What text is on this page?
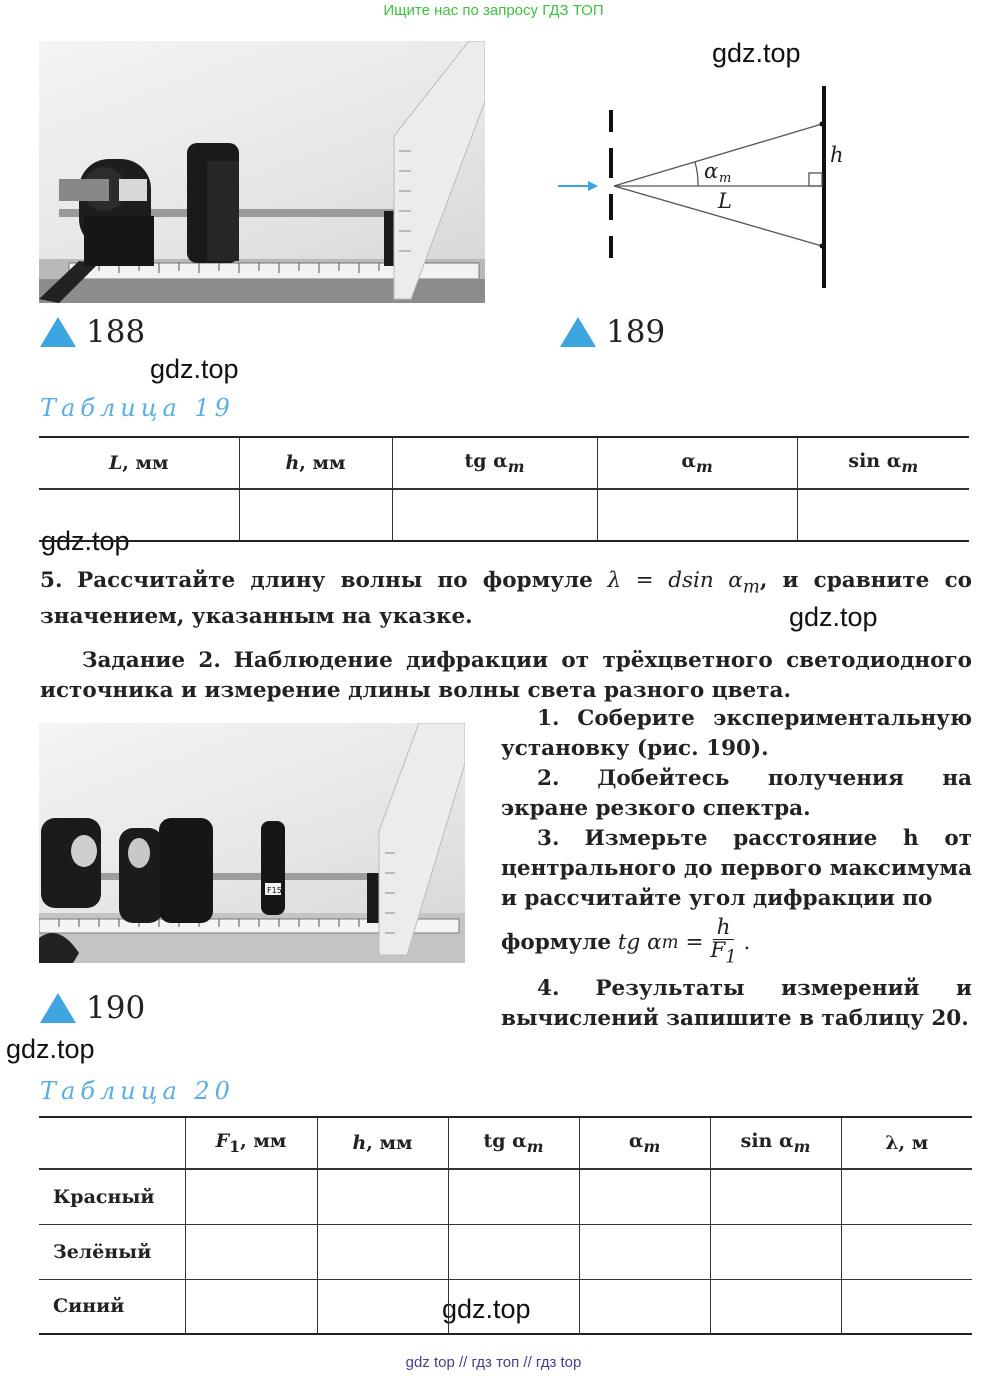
Ищите нас по запросу ГДЗ ТОП
α m
L
h
188	189
gdz.top
gdz.top
gdz.top
gdz.top
gdz.top
gdz.top
Таблица 19
L, мм	h, мм	tg $\alpha_m$	$\alpha_m$	$\sin \alpha_m$

5. Рассчитайте длину волны по формуле λ = dsin $\alpha_m$, и сравните со значением, указанным на указке.
Задание 2. Наблюдение дифракции от трёхцветного светодиодного источника и измерение длины волны света разного цвета.
F15
190
1. Соберите экспериментальную установку (рис. 190).
2. Добейтесь получения на экране резкого спектра.
3. Измерьте расстояние h от центрального до первого максимума и рассчитайте угол дифракции по
формуле
tg α m
=
$\frac{h}{F_1}$ .
4. Результаты измерений и вычислений запишите в таблицу 20.
Таблица 20
	$F_1$, мм	h, мм	tg $\alpha_m$	$\alpha_m$	$\sin \alpha_m$	λ, м
Красный						
Зелёный						
Синий						
gdz top // гдз топ // гдз top
